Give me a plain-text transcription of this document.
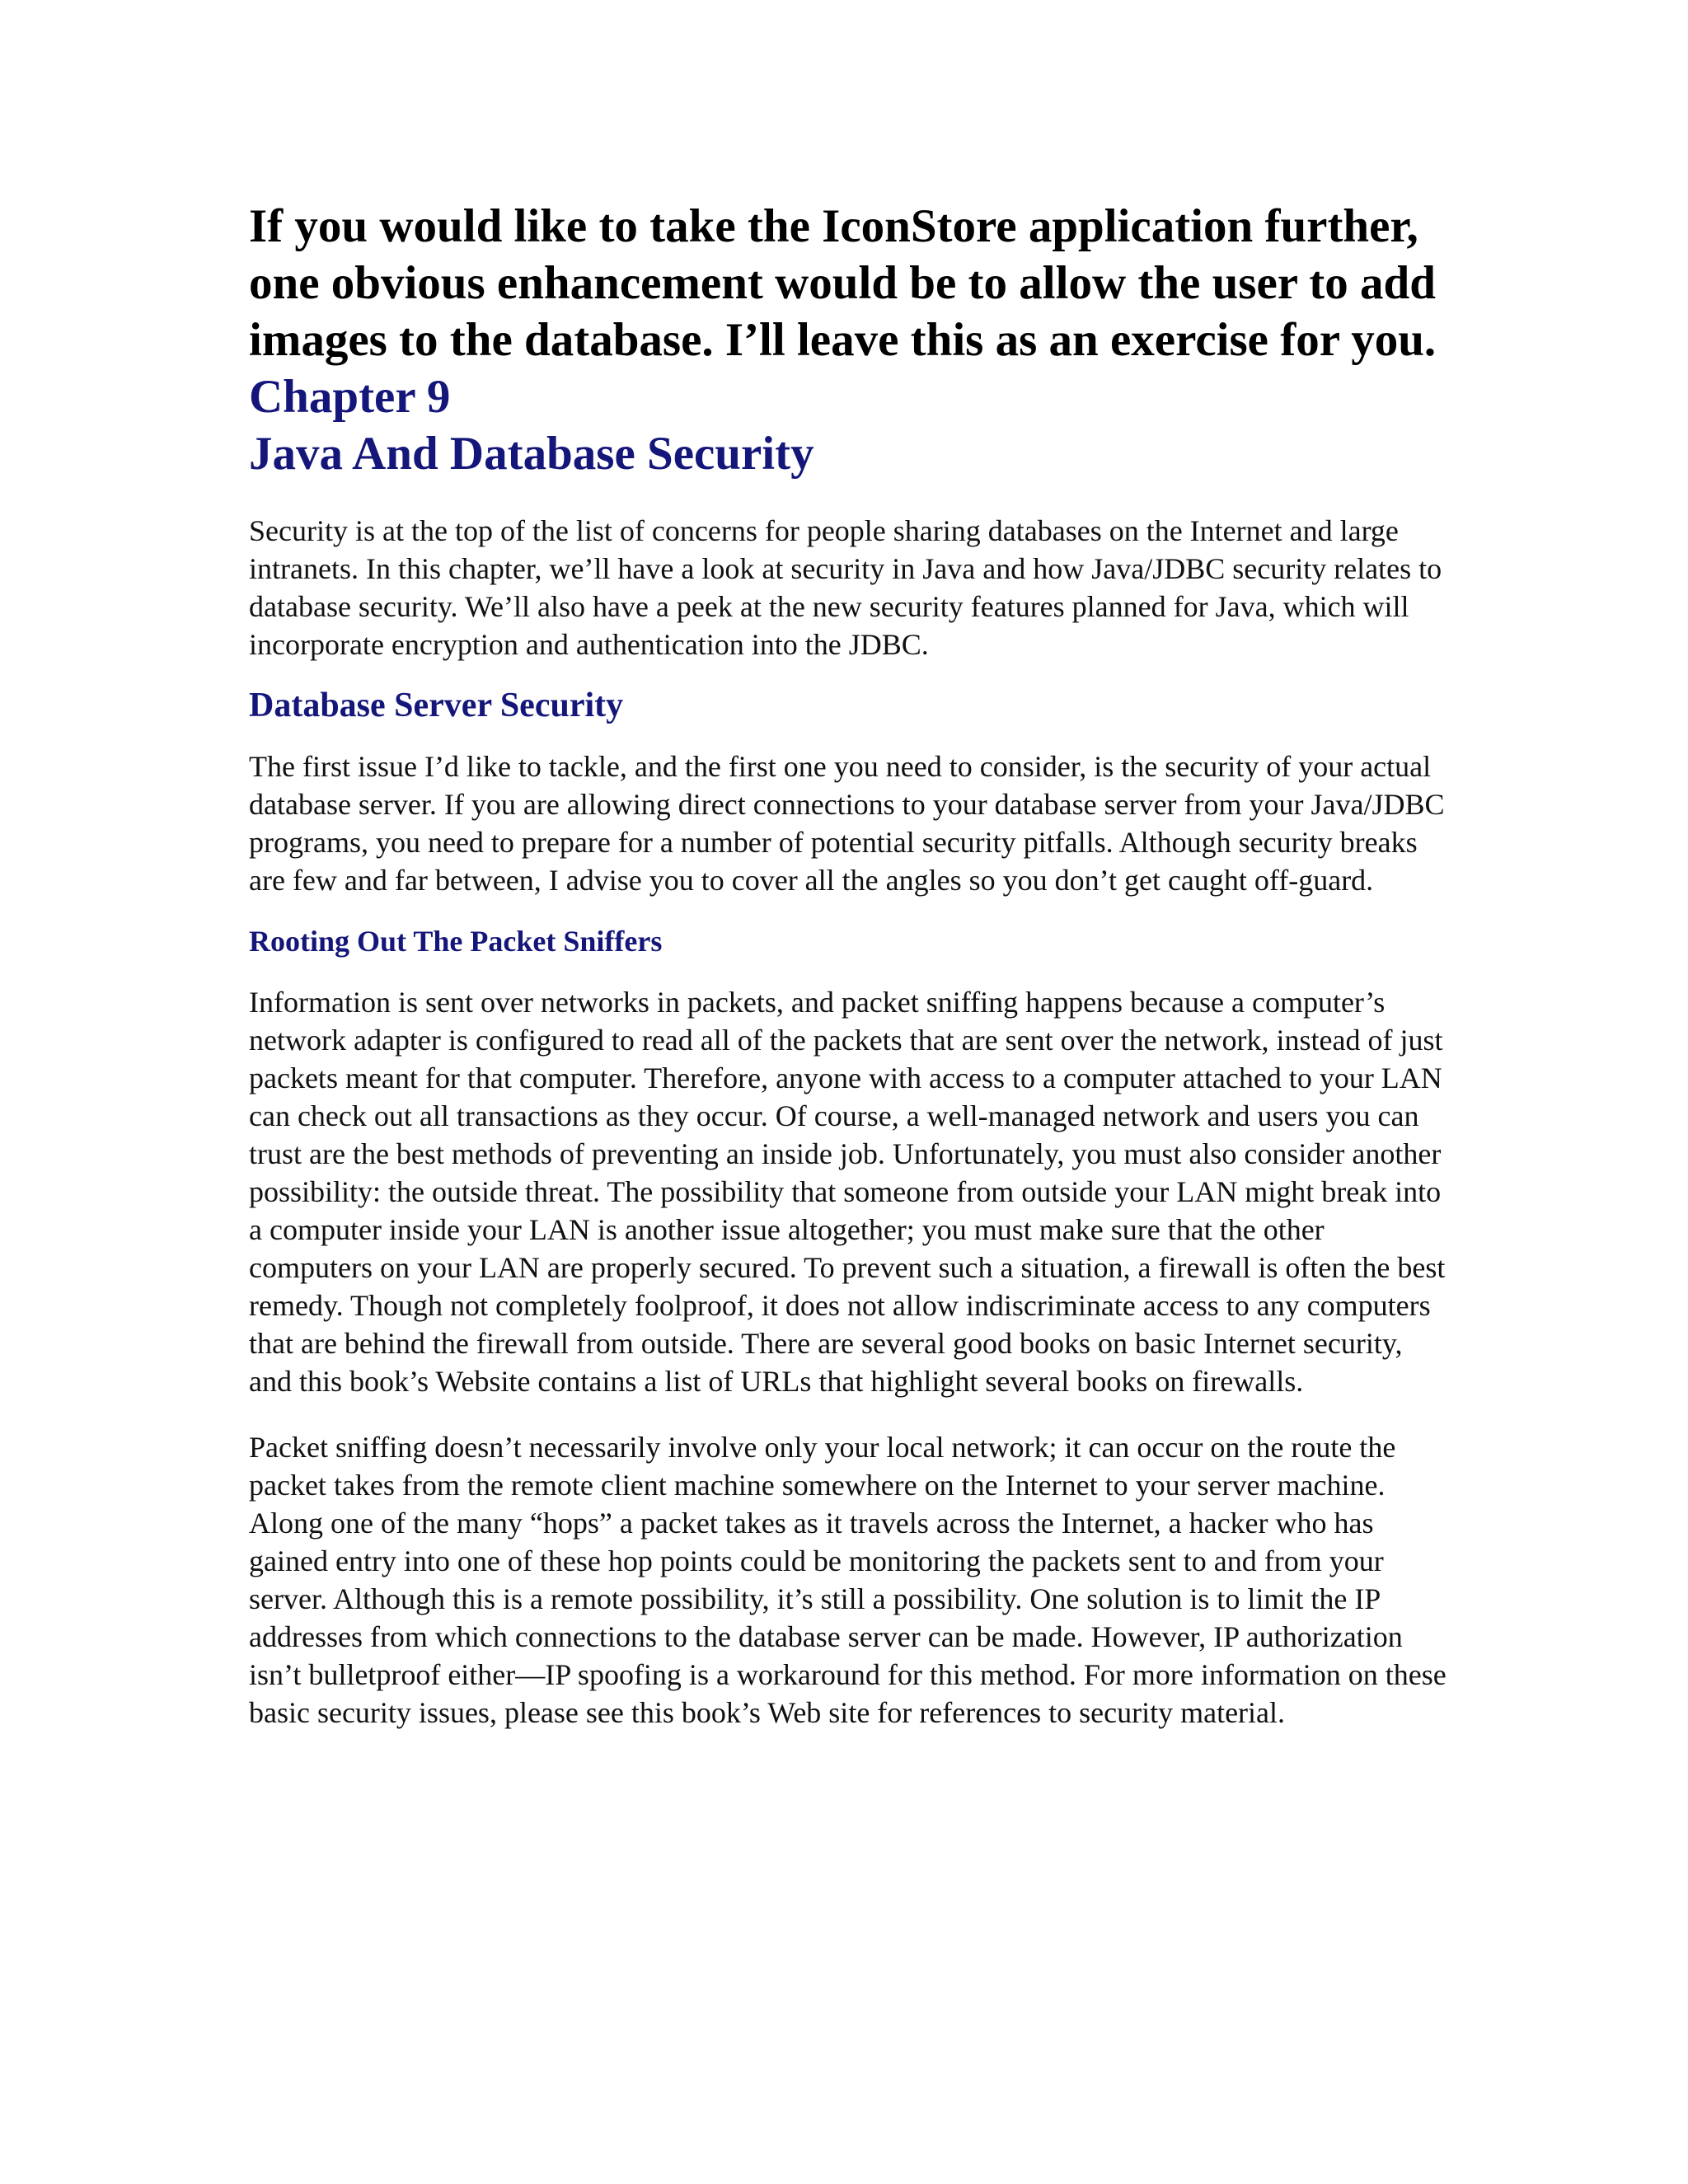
If you would like to take the IconStore application further, one obvious enhancement would be to allow the user to add images to the database. I’ll leave this as an exercise for you. Chapter 9
Java And Database Security

Security is at the top of the list of concerns for people sharing databases on the Internet and large intranets. In this chapter, we’ll have a look at security in Java and how Java/JDBC security relates to database security. We’ll also have a peek at the new security features planned for Java, which will incorporate encryption and authentication into the JDBC.

Database Server Security

The first issue I’d like to tackle, and the first one you need to consider, is the security of your actual database server. If you are allowing direct connections to your database server from your Java/JDBC programs, you need to prepare for a number of potential security pitfalls. Although security breaks are few and far between, I advise you to cover all the angles so you don’t get caught off-guard.

Rooting Out The Packet Sniffers

Information is sent over networks in packets, and packet sniffing happens because a computer’s network adapter is configured to read all of the packets that are sent over the network, instead of just packets meant for that computer. Therefore, anyone with access to a computer attached to your LAN can check out all transactions as they occur. Of course, a well-managed network and users you can trust are the best methods of preventing an inside job. Unfortunately, you must also consider another possibility: the outside threat. The possibility that someone from outside your LAN might break into a computer inside your LAN is another issue altogether; you must make sure that the other computers on your LAN are properly secured. To prevent such a situation, a firewall is often the best remedy. Though not completely foolproof, it does not allow indiscriminate access to any computers that are behind the firewall from outside. There are several good books on basic Internet security, and this book’s Website contains a list of URLs that highlight several books on firewalls.

Packet sniffing doesn’t necessarily involve only your local network; it can occur on the route the packet takes from the remote client machine somewhere on the Internet to your server machine. Along one of the many “hops” a packet takes as it travels across the Internet, a hacker who has gained entry into one of these hop points could be monitoring the packets sent to and from your server. Although this is a remote possibility, it’s still a possibility. One solution is to limit the IP addresses from which connections to the database server can be made. However, IP authorization isn’t bulletproof either—IP spoofing is a workaround for this method. For more information on these basic security issues, please see this book’s Web site for references to security material.
